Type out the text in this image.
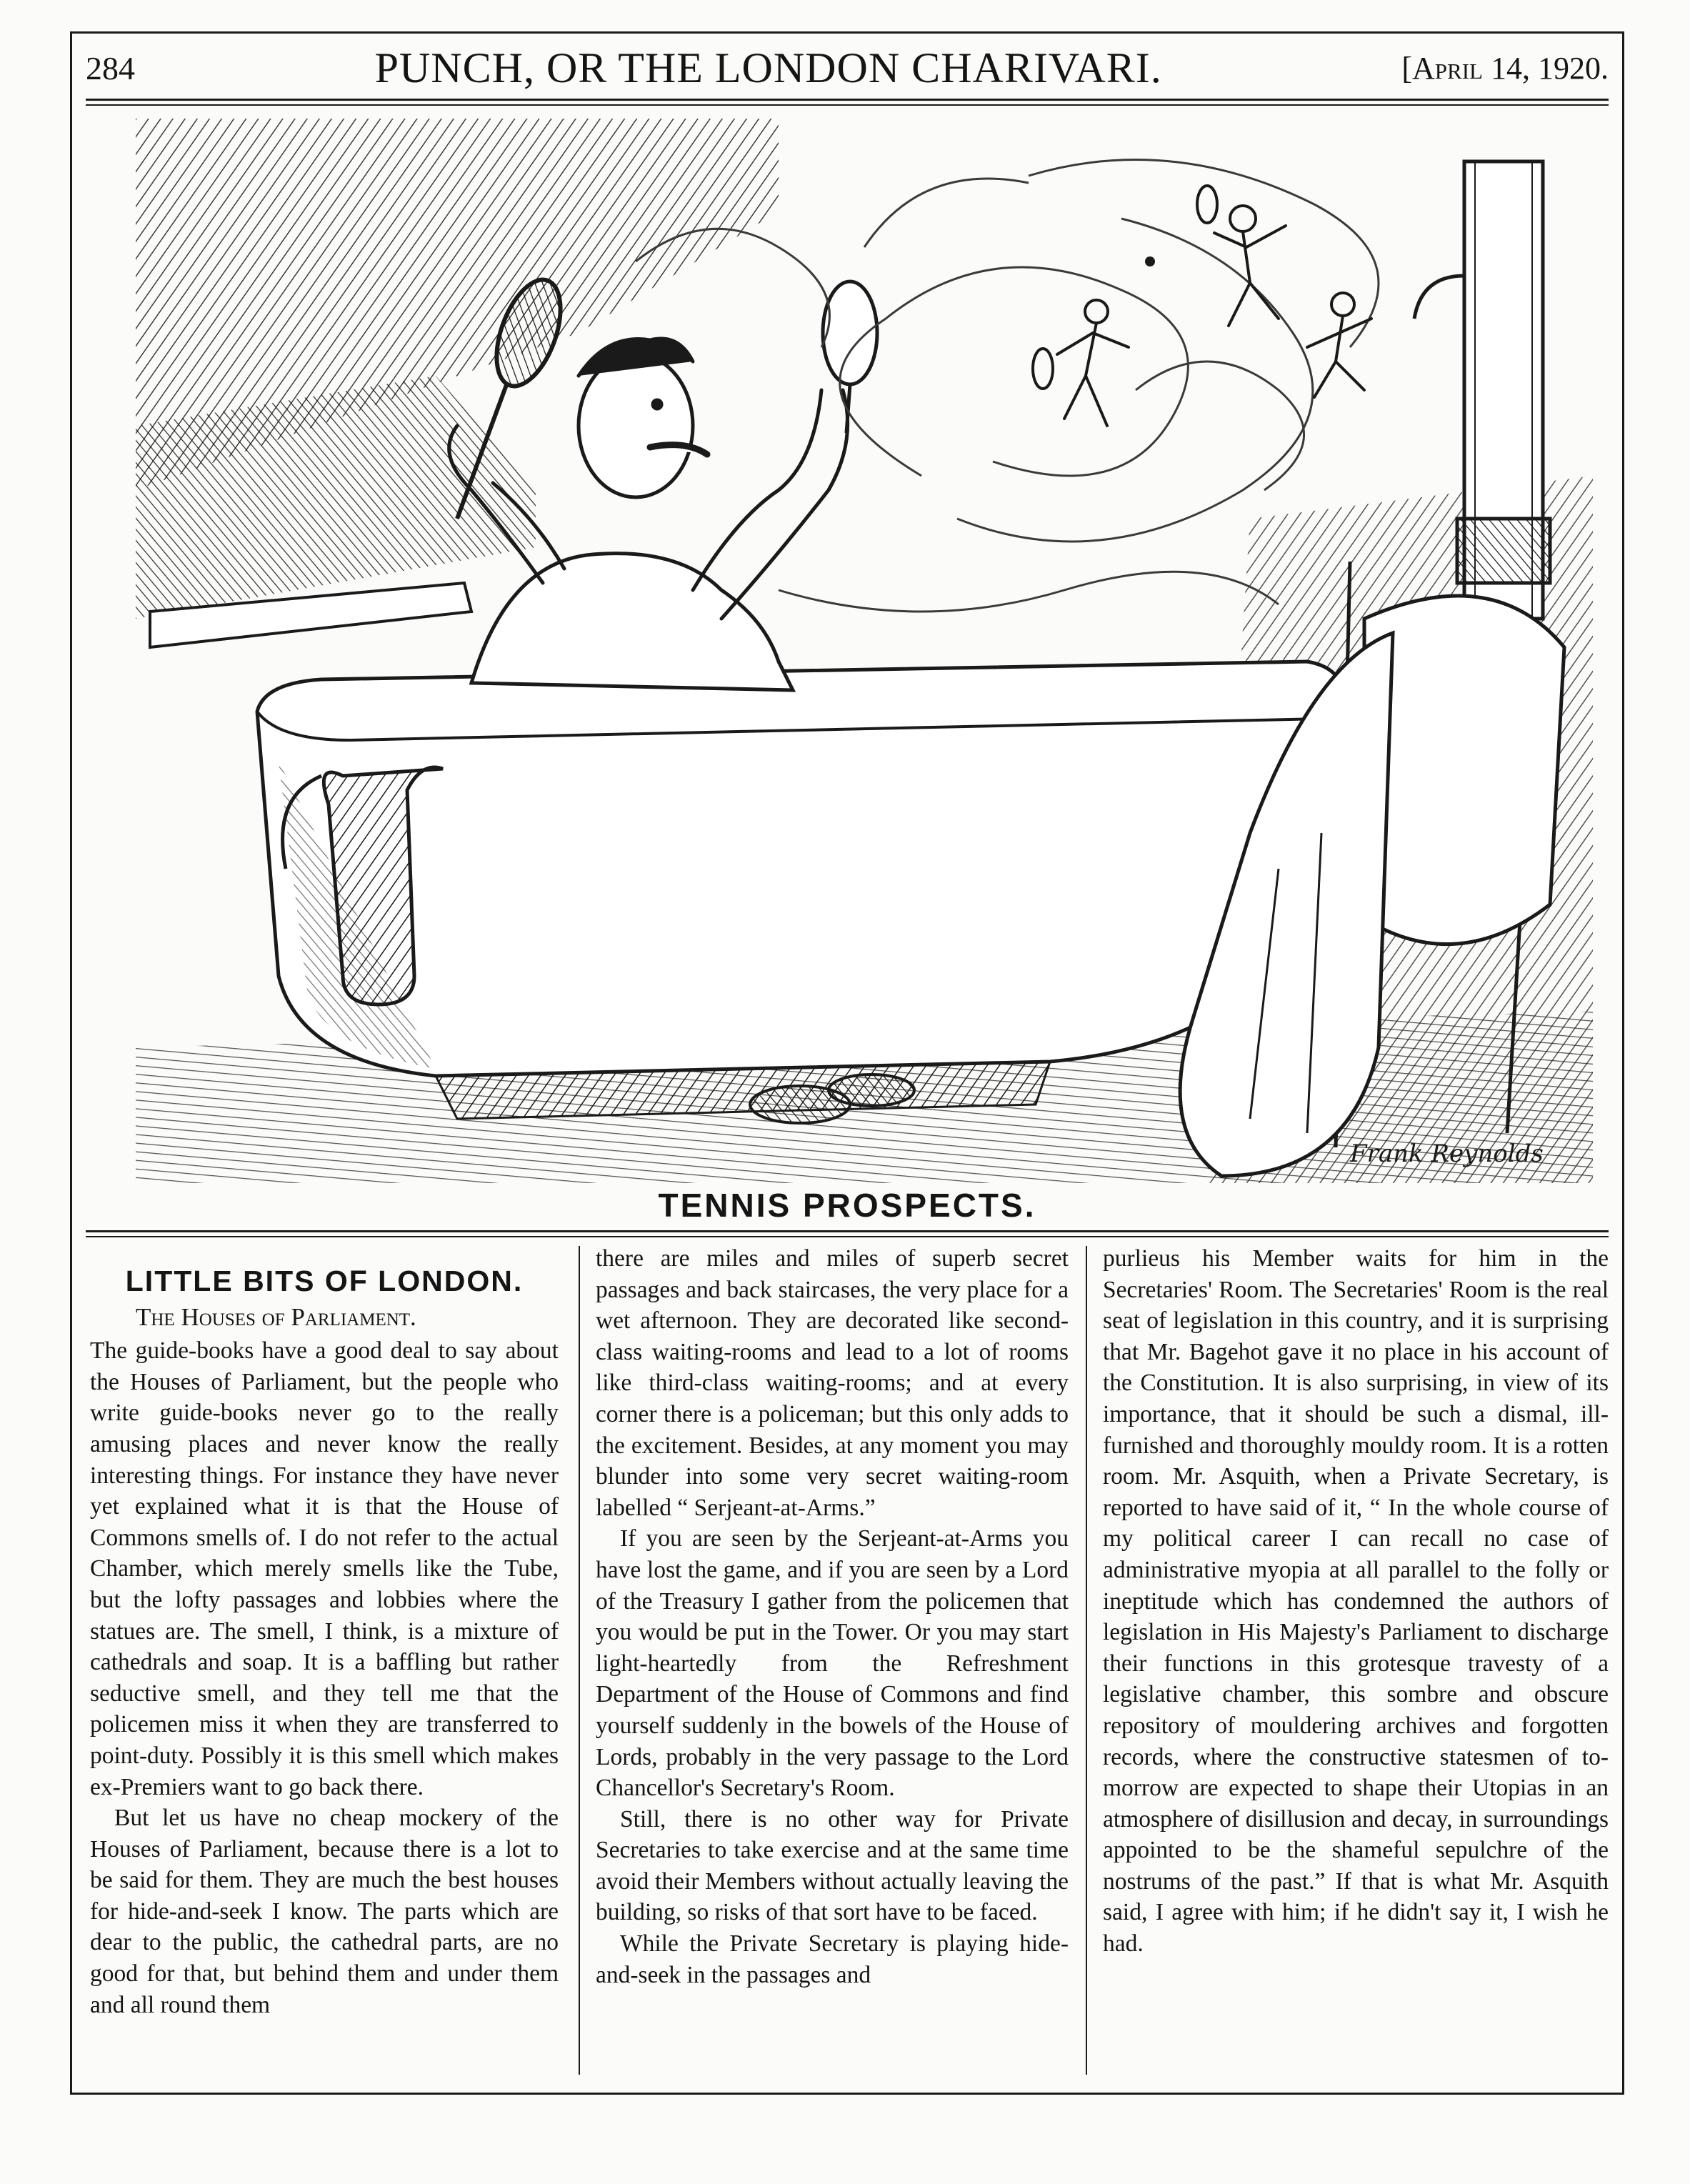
284	PUNCH, OR THE LONDON CHARIVARI.	[April 14, 1920.
Frank Reynolds
TENNIS PROSPECTS.
LITTLE BITS OF LONDON.
The Houses of Parliament.

The guide-books have a good deal to say about the Houses of Parliament, but the people who write guide-books never go to the really amusing places and never know the really interesting things. For instance they have never yet explained what it is that the House of Commons smells of. I do not refer to the actual Chamber, which merely smells like the Tube, but the lofty passages and lobbies where the statues are. The smell, I think, is a mixture of cathedrals and soap. It is a baffling but rather seductive smell, and they tell me that the policemen miss it when they are transferred to point-duty. Possibly it is this smell which makes ex-Premiers want to go back there.

But let us have no cheap mockery of the Houses of Parliament, because there is a lot to be said for them. They are much the best houses for hide-and-seek I know. The parts which are dear to the public, the cathedral parts, are no good for that, but behind them and under them and all round them

there are miles and miles of superb secret passages and back staircases, the very place for a wet afternoon. They are decorated like second-class waiting-rooms and lead to a lot of rooms like third-class waiting-rooms; and at every corner there is a policeman; but this only adds to the excitement. Besides, at any moment you may blunder into some very secret waiting-room labelled “ Serjeant-at-Arms.”

If you are seen by the Serjeant-at-Arms you have lost the game, and if you are seen by a Lord of the Treasury I gather from the policemen that you would be put in the Tower. Or you may start light-heartedly from the Refreshment Department of the House of Commons and find yourself suddenly in the bowels of the House of Lords, probably in the very passage to the Lord Chancellor's Secretary's Room.

Still, there is no other way for Private Secretaries to take exercise and at the same time avoid their Members without actually leaving the building, so risks of that sort have to be faced.

While the Private Secretary is playing hide-and-seek in the passages and

purlieus his Member waits for him in the Secretaries' Room. The Secretaries' Room is the real seat of legislation in this country, and it is surprising that Mr. Bagehot gave it no place in his account of the Constitution. It is also surprising, in view of its importance, that it should be such a dismal, ill-furnished and thoroughly mouldy room. It is a rotten room. Mr. Asquith, when a Private Secretary, is reported to have said of it, “ In the whole course of my political career I can recall no case of administrative myopia at all parallel to the folly or ineptitude which has condemned the authors of legislation in His Majesty's Parliament to discharge their functions in this grotesque travesty of a legislative chamber, this sombre and obscure repository of mouldering archives and forgotten records, where the constructive statesmen of to-morrow are expected to shape their Utopias in an atmosphere of disillusion and decay, in surroundings appointed to be the shameful sepulchre of the nostrums of the past.” If that is what Mr. Asquith said, I agree with him; if he didn't say it, I wish he had.
